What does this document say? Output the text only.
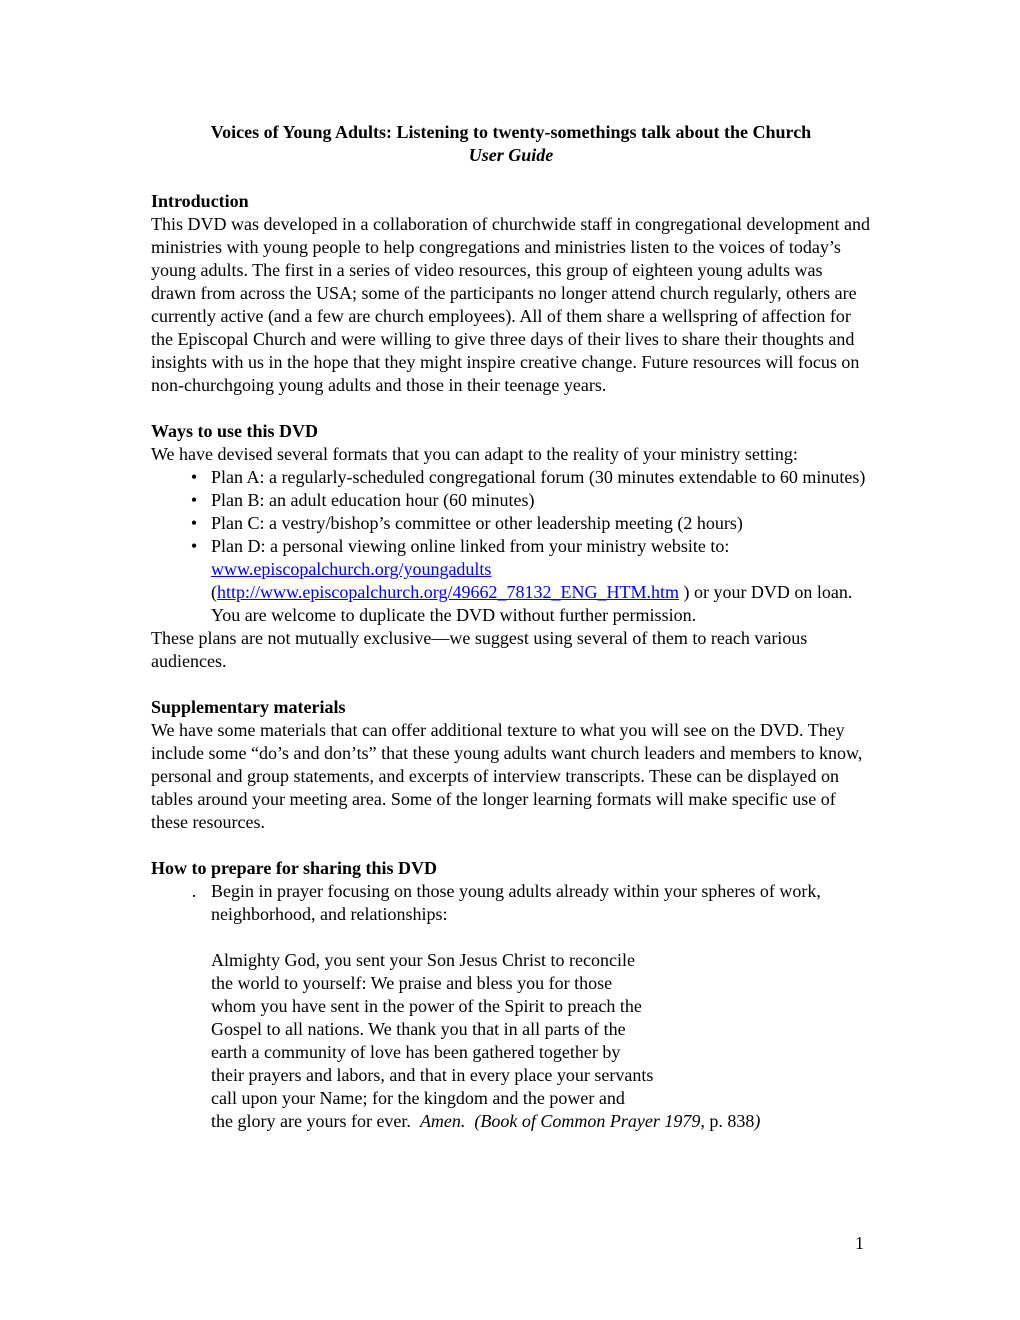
Voices of Young Adults: Listening to twenty-somethings talk about the Church

User Guide

Introduction

This DVD was developed in a collaboration of churchwide staff in congregational development and ministries with young people to help congregations and ministries listen to the voices of today’s young adults. The first in a series of video resources, this group of eighteen young adults was drawn from across the USA; some of the participants no longer attend church regularly, others are currently active (and a few are church employees). All of them share a wellspring of affection for the Episcopal Church and were willing to give three days of their lives to share their thoughts and insights with us in the hope that they might inspire creative change. Future resources will focus on non-churchgoing young adults and those in their teenage years.

Ways to use this DVD

We have devised several formats that you can adapt to the reality of your ministry setting:

• Plan A: a regularly-scheduled congregational forum (30 minutes extendable to 60 minutes)
• Plan B: an adult education hour (60 minutes)
• Plan C: a vestry/bishop’s committee or other leadership meeting (2 hours)
• Plan D: a personal viewing online linked from your ministry website to:
www.episcopalchurch.org/youngadults
(http://www.episcopalchurch.org/49662_78132_ENG_HTM.htm ) or your DVD on loan. You are welcome to duplicate the DVD without further permission.

These plans are not mutually exclusive—we suggest using several of them to reach various audiences.

Supplementary materials

We have some materials that can offer additional texture to what you will see on the DVD. They include some “do’s and don’ts” that these young adults want church leaders and members to know, personal and group statements, and excerpts of interview transcripts. These can be displayed on tables around your meeting area. Some of the longer learning formats will make specific use of these resources.

How to prepare for sharing this DVD

. Begin in prayer focusing on those young adults already within your spheres of work, neighborhood, and relationships:
Almighty God, you sent your Son Jesus Christ to reconcile
the world to yourself: We praise and bless you for those
whom you have sent in the power of the Spirit to preach the
Gospel to all nations. We thank you that in all parts of the
earth a community of love has been gathered together by
their prayers and labors, and that in every place your servants
call upon your Name; for the kingdom and the power and
the glory are yours for ever.  Amen.  (Book of Common Prayer 1979, p. 838)
1
